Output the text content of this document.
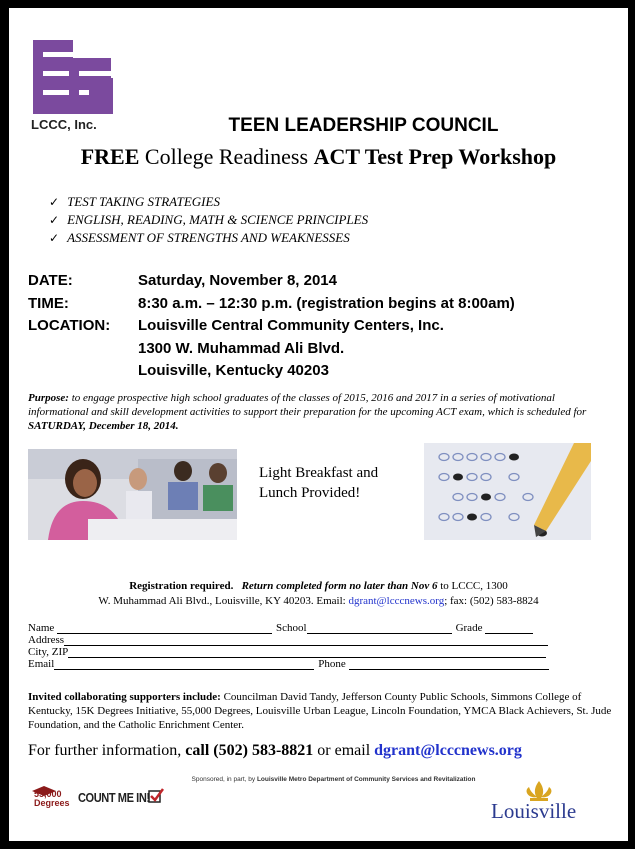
LCCC, Inc.	TEEN LEADERSHIP COUNCIL
FREE College Readiness ACT Test Prep Workshop
✓ TEST TAKING STRATEGIES
✓ ENGLISH, READING, MATH & SCIENCE PRINCIPLES
✓ ASSESSMENT OF STRENGTHS AND WEAKNESSES
DATE:	Saturday, November 8, 2014
TIME:	8:30 a.m. – 12:30 p.m. (registration begins at 8:00am)
LOCATION: Louisville Central Community Centers, Inc.
1300 W. Muhammad Ali Blvd.
Louisville, Kentucky 40203
Purpose: to engage prospective high school graduates of the classes of 2015, 2016 and 2017 in a series of motivational informational and skill development activities to support their preparation for the upcoming ACT exam, which is scheduled for SATURDAY, December 18, 2014.
Light Breakfast and
Lunch Provided!
Registration required. Return completed form no later than Nov 6 to LCCC, 1300
W. Muhammad Ali Blvd., Louisville, KY 40203. Email: dgrant@lcccnews.org; fax: (502) 583-8824
Name
	School	Grade

Address
City, ZIP
Email	Phone

Invited collaborating supporters include: Councilman David Tandy, Jefferson County Public Schools, Simmons College of Kentucky, 15K Degrees Initiative, 55,000 Degrees, Louisville Urban League, Lincoln Foundation, YMCA Black Achievers, St. Jude Foundation, and the Catholic Enrichment Center.
For further information, call (502) 583-8821 or email dgrant@lcccnews.org
Sponsored, in part, by Louisville Metro Department of Community Services and Revitalization
55,000
Degrees COUNT ME IN!
Louisville
